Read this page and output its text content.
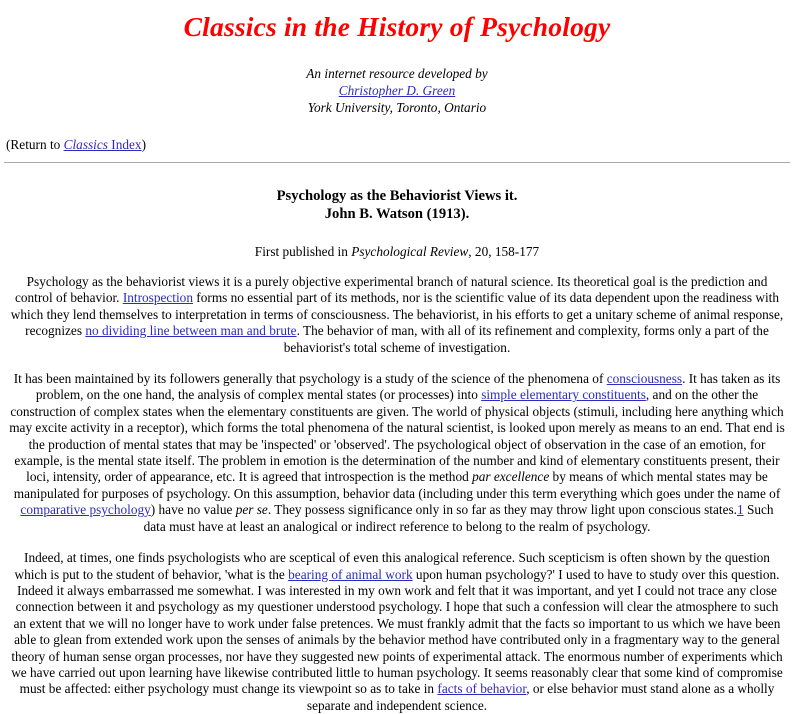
Classics in the History of Psychology
An internet resource developed by
Christopher D. Green
York University, Toronto, Ontario
(Return to Classics Index)
Psychology as the Behaviorist Views it.
John B. Watson (1913).
First published in Psychological Review, 20, 158-177

Psychology as the behaviorist views it is a purely objective experimental branch of natural science. Its theoretical goal is the prediction and control of behavior. Introspection forms no essential part of its methods, nor is the scientific value of its data dependent upon the readiness with which they lend themselves to interpretation in terms of consciousness. The behaviorist, in his efforts to get a unitary scheme of animal response, recognizes no dividing line between man and brute. The behavior of man, with all of its refinement and complexity, forms only a part of the behaviorist's total scheme of investigation.

It has been maintained by its followers generally that psychology is a study of the science of the phenomena of consciousness. It has taken as its problem, on the one hand, the analysis of complex mental states (or processes) into simple elementary constituents, and on the other the construction of complex states when the elementary constituents are given. The world of physical objects (stimuli, including here anything which may excite activity in a receptor), which forms the total phenomena of the natural scientist, is looked upon merely as means to an end. That end is the production of mental states that may be 'inspected' or 'observed'. The psychological object of observation in the case of an emotion, for example, is the mental state itself. The problem in emotion is the determination of the number and kind of elementary constituents present, their loci, intensity, order of appearance, etc. It is agreed that introspection is the method par excellence by means of which mental states may be manipulated for purposes of psychology. On this assumption, behavior data (including under this term everything which goes under the name of comparative psychology) have no value per se. They possess significance only in so far as they may throw light upon conscious states.1 Such data must have at least an analogical or indirect reference to belong to the realm of psychology.

Indeed, at times, one finds psychologists who are sceptical of even this analogical reference. Such scepticism is often shown by the question which is put to the student of behavior, 'what is the bearing of animal work upon human psychology?' I used to have to study over this question. Indeed it always embarrassed me somewhat. I was interested in my own work and felt that it was important, and yet I could not trace any close connection between it and psychology as my questioner understood psychology. I hope that such a confession will clear the atmosphere to such an extent that we will no longer have to work under false pretences. We must frankly admit that the facts so important to us which we have been able to glean from extended work upon the senses of animals by the behavior method have contributed only in a fragmentary way to the general theory of human sense organ processes, nor have they suggested new points of experimental attack. The enormous number of experiments which we have carried out upon learning have likewise contributed little to human psychology. It seems reasonably clear that some kind of compromise must be affected: either psychology must change its viewpoint so as to take in facts of behavior, or else behavior must stand alone as a wholly separate and independent science.
